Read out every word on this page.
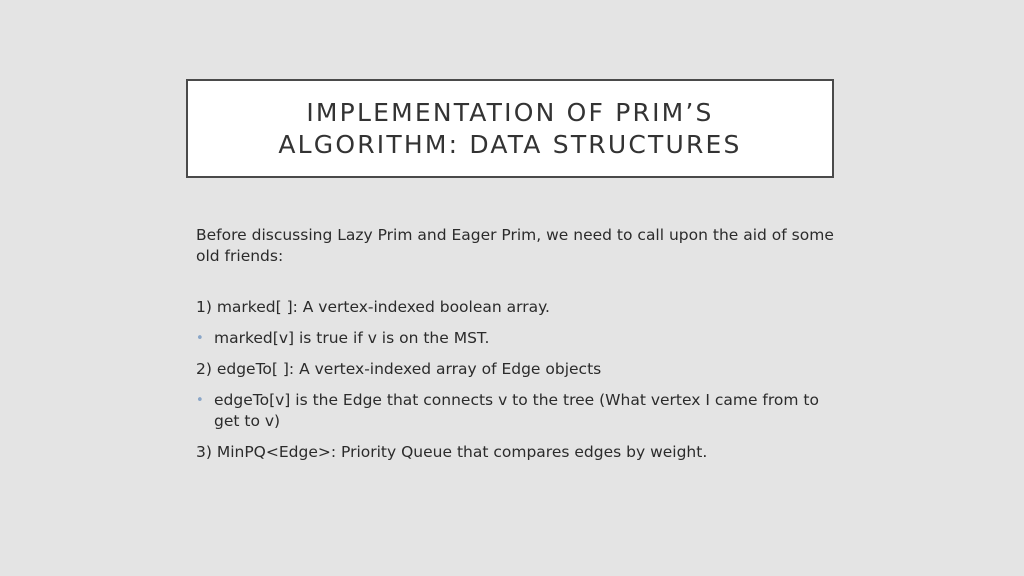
IMPLEMENTATION OF PRIM’S
ALGORITHM: DATA STRUCTURES

Before discussing Lazy Prim and Eager Prim, we need to call upon the aid of some old friends:

1) marked[ ]: A vertex-indexed boolean array.

• marked[v] is true if v is on the MST.

2) edgeTo[ ]: A vertex-indexed array of Edge objects

• edgeTo[v] is the Edge that connects v to the tree (What vertex I came from to get to v)

3) MinPQ<Edge>: Priority Queue that compares edges by weight.
